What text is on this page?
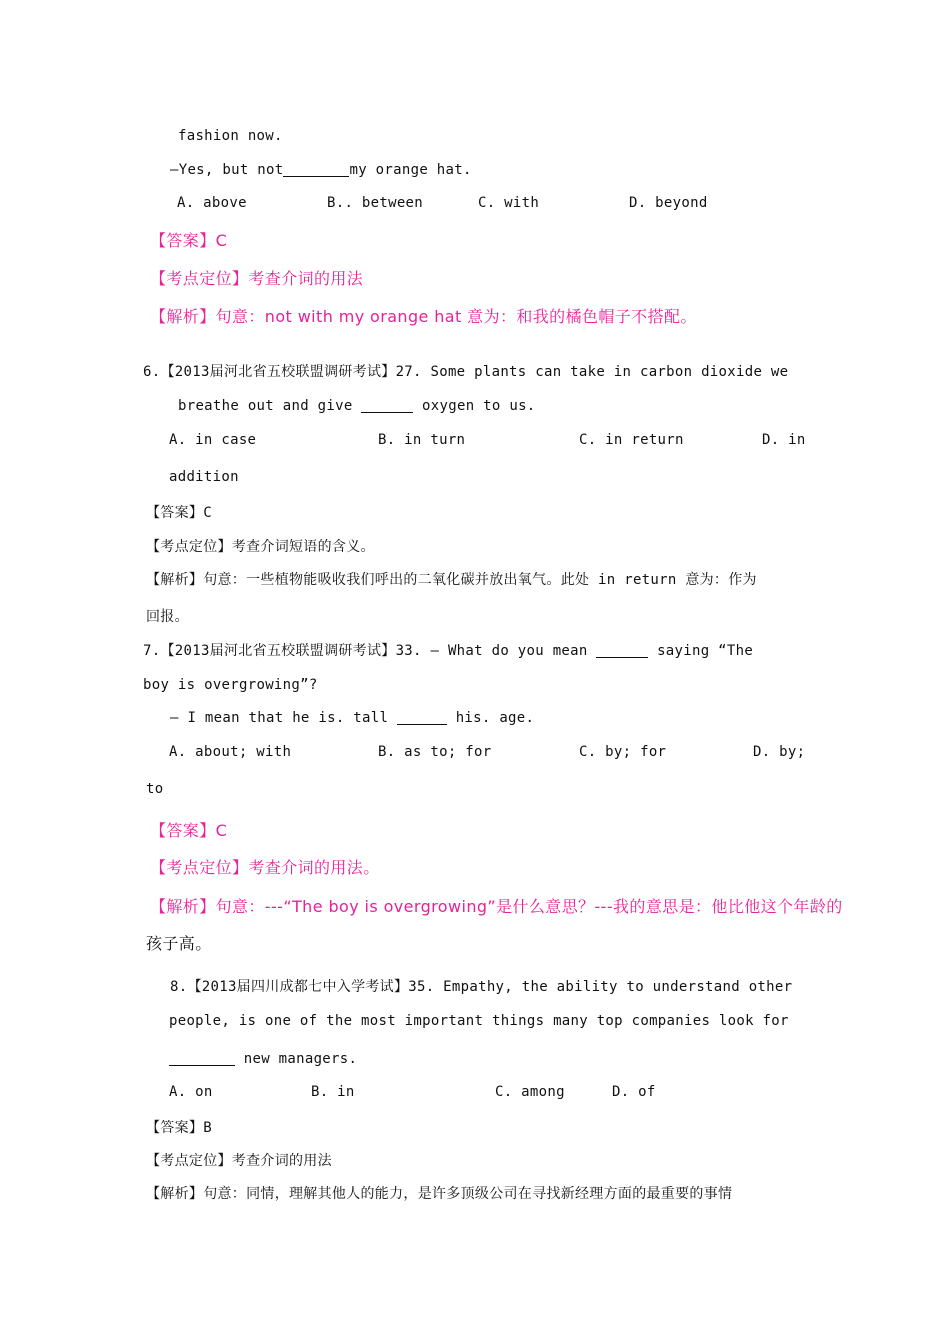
fashion now.
—Yes, but not	my orange hat.
A. above	B.. between	C. with	D. beyond
【答案】C
【考点定位】考查介词的用法
【解析】句意：not with my orange hat 意为：和我的橘色帽子不搭配。
6.【2013届河北省五校联盟调研考试】27. Some plants can take in carbon dioxide we
breathe out and give	oxygen to us.
A. in case	B. in turn	C. in return	D. in
addition
【答案】C
【考点定位】考查介词短语的含义。
【解析】句意：一些植物能吸收我们呼出的二氧化碳并放出氧气。此处 in return 意为：作为
回报。
7.【2013届河北省五校联盟调研考试】33. — What do you mean	saying “The
boy is overgrowing”?
— I mean that he is. tall	his. age.
A. about; with	B. as to; for	C. by; for	D. by;
to
【答案】C
【考点定位】考查介词的用法。
【解析】句意：---“The boy is overgrowing”是什么意思？---我的意思是：他比他这个年龄的
孩子高。
8.【2013届四川成都七中入学考试】35. Empathy, the ability to understand other
people, is one of the most important things many top companies look for
new managers.
A. on	B. in	C. among	D. of
【答案】B
【考点定位】考查介词的用法
【解析】句意：同情，理解其他人的能力，是许多顶级公司在寻找新经理方面的最重要的事情
